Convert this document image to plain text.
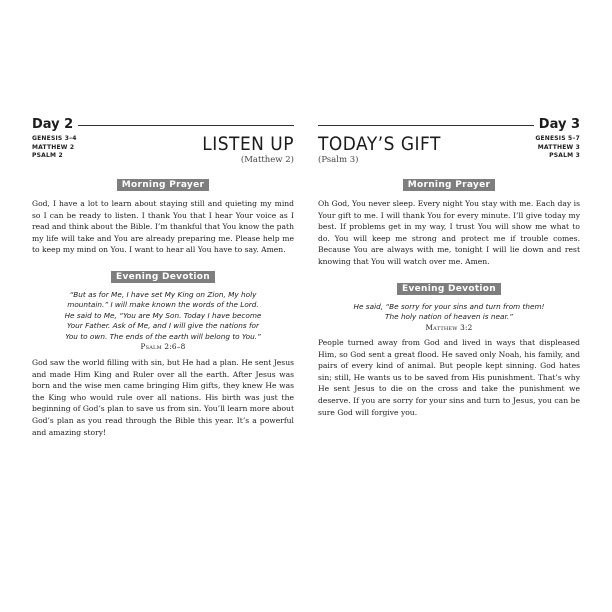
Day 2
GENESIS 3–4
MATTHEW 2
PSALM 2	LISTEN UP
(Matthew 2)
Morning Prayer

God, I have a lot to learn about staying still and quieting my mind so I can be ready to listen. I thank You that I hear Your voice as I read and think about the Bible. I’m thankful that You know the path my life will take and You are already preparing me. Please help me to keep my mind on You. I want to hear all You have to say. Amen.

Evening Devotion
“But as for Me, I have set My King on Zion, My holy
mountain.” I will make known the words of the Lord.
He said to Me, “You are My Son. Today I have become
Your Father. Ask of Me, and I will give the nations for
You to own. The ends of the earth will belong to You.”
Psalm 2:6–8

God saw the world filling with sin, but He had a plan. He sent Jesus and made Him King and Ruler over all the earth. After Jesus was born and the wise men came bringing Him gifts, they knew He was the King who would rule over all nations. His birth was just the beginning of God’s plan to save us from sin. You’ll learn more about God’s plan as you read through the Bible this year. It’s a powerful and amazing story!

Day 3
GENESIS 5–7
MATTHEW 3
PSALM 3
TODAY’S GIFT
(Psalm 3)
Morning Prayer

Oh God, You never sleep. Every night You stay with me. Each day is Your gift to me. I will thank You for every minute. I’ll give today my best. If problems get in my way, I trust You will show me what to do. You will keep me strong and protect me if trouble comes. Because You are always with me, tonight I will lie down and rest knowing that You will watch over me. Amen.

Evening Devotion
He said, “Be sorry for your sins and turn from them!
The holy nation of heaven is near.”
Matthew 3:2

People turned away from God and lived in ways that displeased Him, so God sent a great flood. He saved only Noah, his family, and pairs of every kind of animal. But people kept sinning. God hates sin; still, He wants us to be saved from His punishment. That’s why He sent Jesus to die on the cross and take the punishment we deserve. If you are sorry for your sins and turn to Jesus, you can be sure God will forgive you.
